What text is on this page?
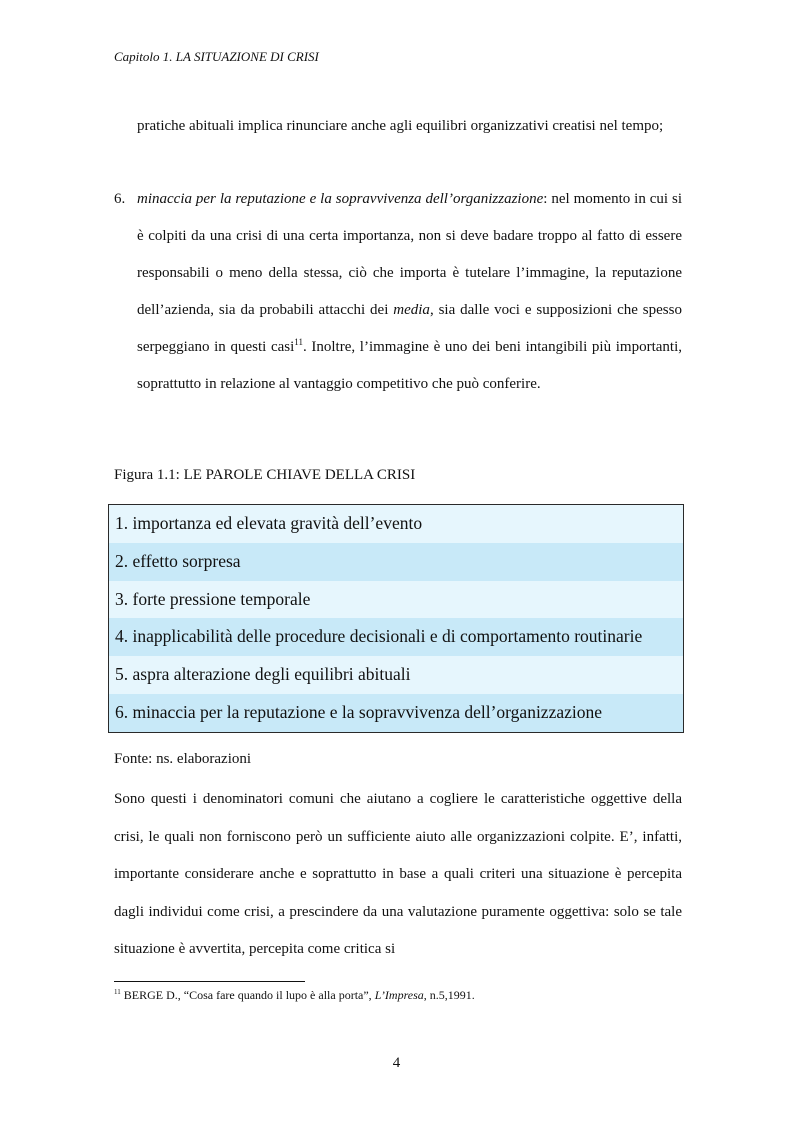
Capitolo 1. LA SITUAZIONE DI CRISI
pratiche abituali implica rinunciare anche agli equilibri organizzativi creatisi nel tempo;
6. minaccia per la reputazione e la sopravvivenza dell’organizzazione: nel momento in cui si è colpiti da una crisi di una certa importanza, non si deve badare troppo al fatto di essere responsabili o meno della stessa, ciò che importa è tutelare l’immagine, la reputazione dell’azienda, sia da probabili attacchi dei media, sia dalle voci e supposizioni che spesso serpeggiano in questi casi$^{11}$. Inoltre, l’immagine è uno dei beni intangibili più importanti, soprattutto in relazione al vantaggio competitivo che può conferire.

Figura 1.1: LE PAROLE CHIAVE DELLA CRISI
1. importanza ed elevata gravità dell’evento
2. effetto sorpresa
3. forte pressione temporale
4. inapplicabilità delle procedure decisionali e di comportamento routinarie
5. aspra alterazione degli equilibri abituali
6. minaccia per la reputazione e la sopravvivenza dell’organizzazione
Fonte: ns. elaborazioni

Sono questi i denominatori comuni che aiutano a cogliere le caratteristiche oggettive della crisi, le quali non forniscono però un sufficiente aiuto alle organizzazioni colpite. E’, infatti, importante considerare anche e soprattutto in base a quali criteri una situazione è percepita dagli individui come crisi, a prescindere da una valutazione puramente oggettiva: solo se tale situazione è avvertita, percepita come critica si

$^{11}$ BERGE D., “Cosa fare quando il lupo è alla porta”, L’Impresa, n.5,1991.
4
